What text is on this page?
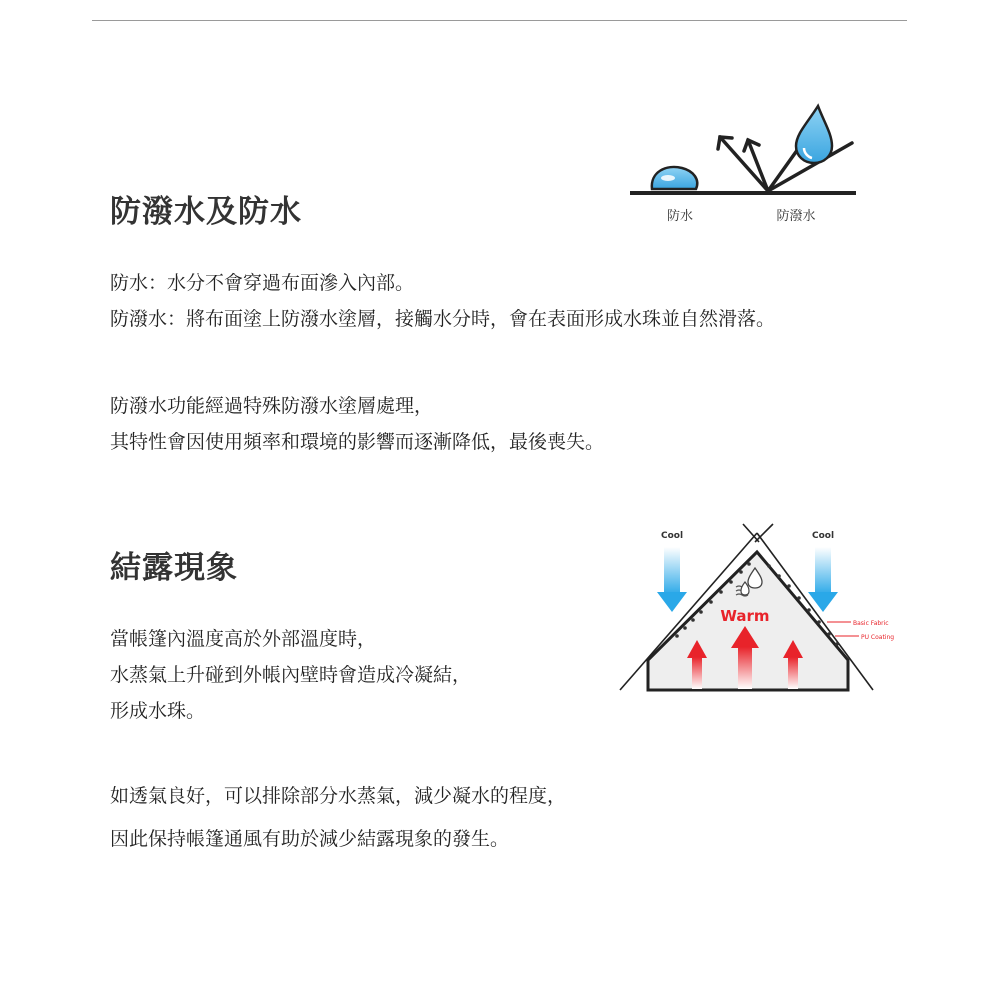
防潑水及防水	防水	防潑水
防水：水分不會穿過布面滲入內部。
防潑水：將布面塗上防潑水塗層，接觸水分時，會在表面形成水珠並自然滑落。
防潑水功能經過特殊防潑水塗層處理，
其特性會因使用頻率和環境的影響而逐漸降低，最後喪失。
結露現象
Cool	Cool
Warm	Basic Fabric
PU Coating
當帳篷內溫度高於外部溫度時，
水蒸氣上升碰到外帳內壁時會造成冷凝結，
形成水珠。
如透氣良好，可以排除部分水蒸氣，減少凝水的程度，
因此保持帳篷通風有助於減少結露現象的發生。
